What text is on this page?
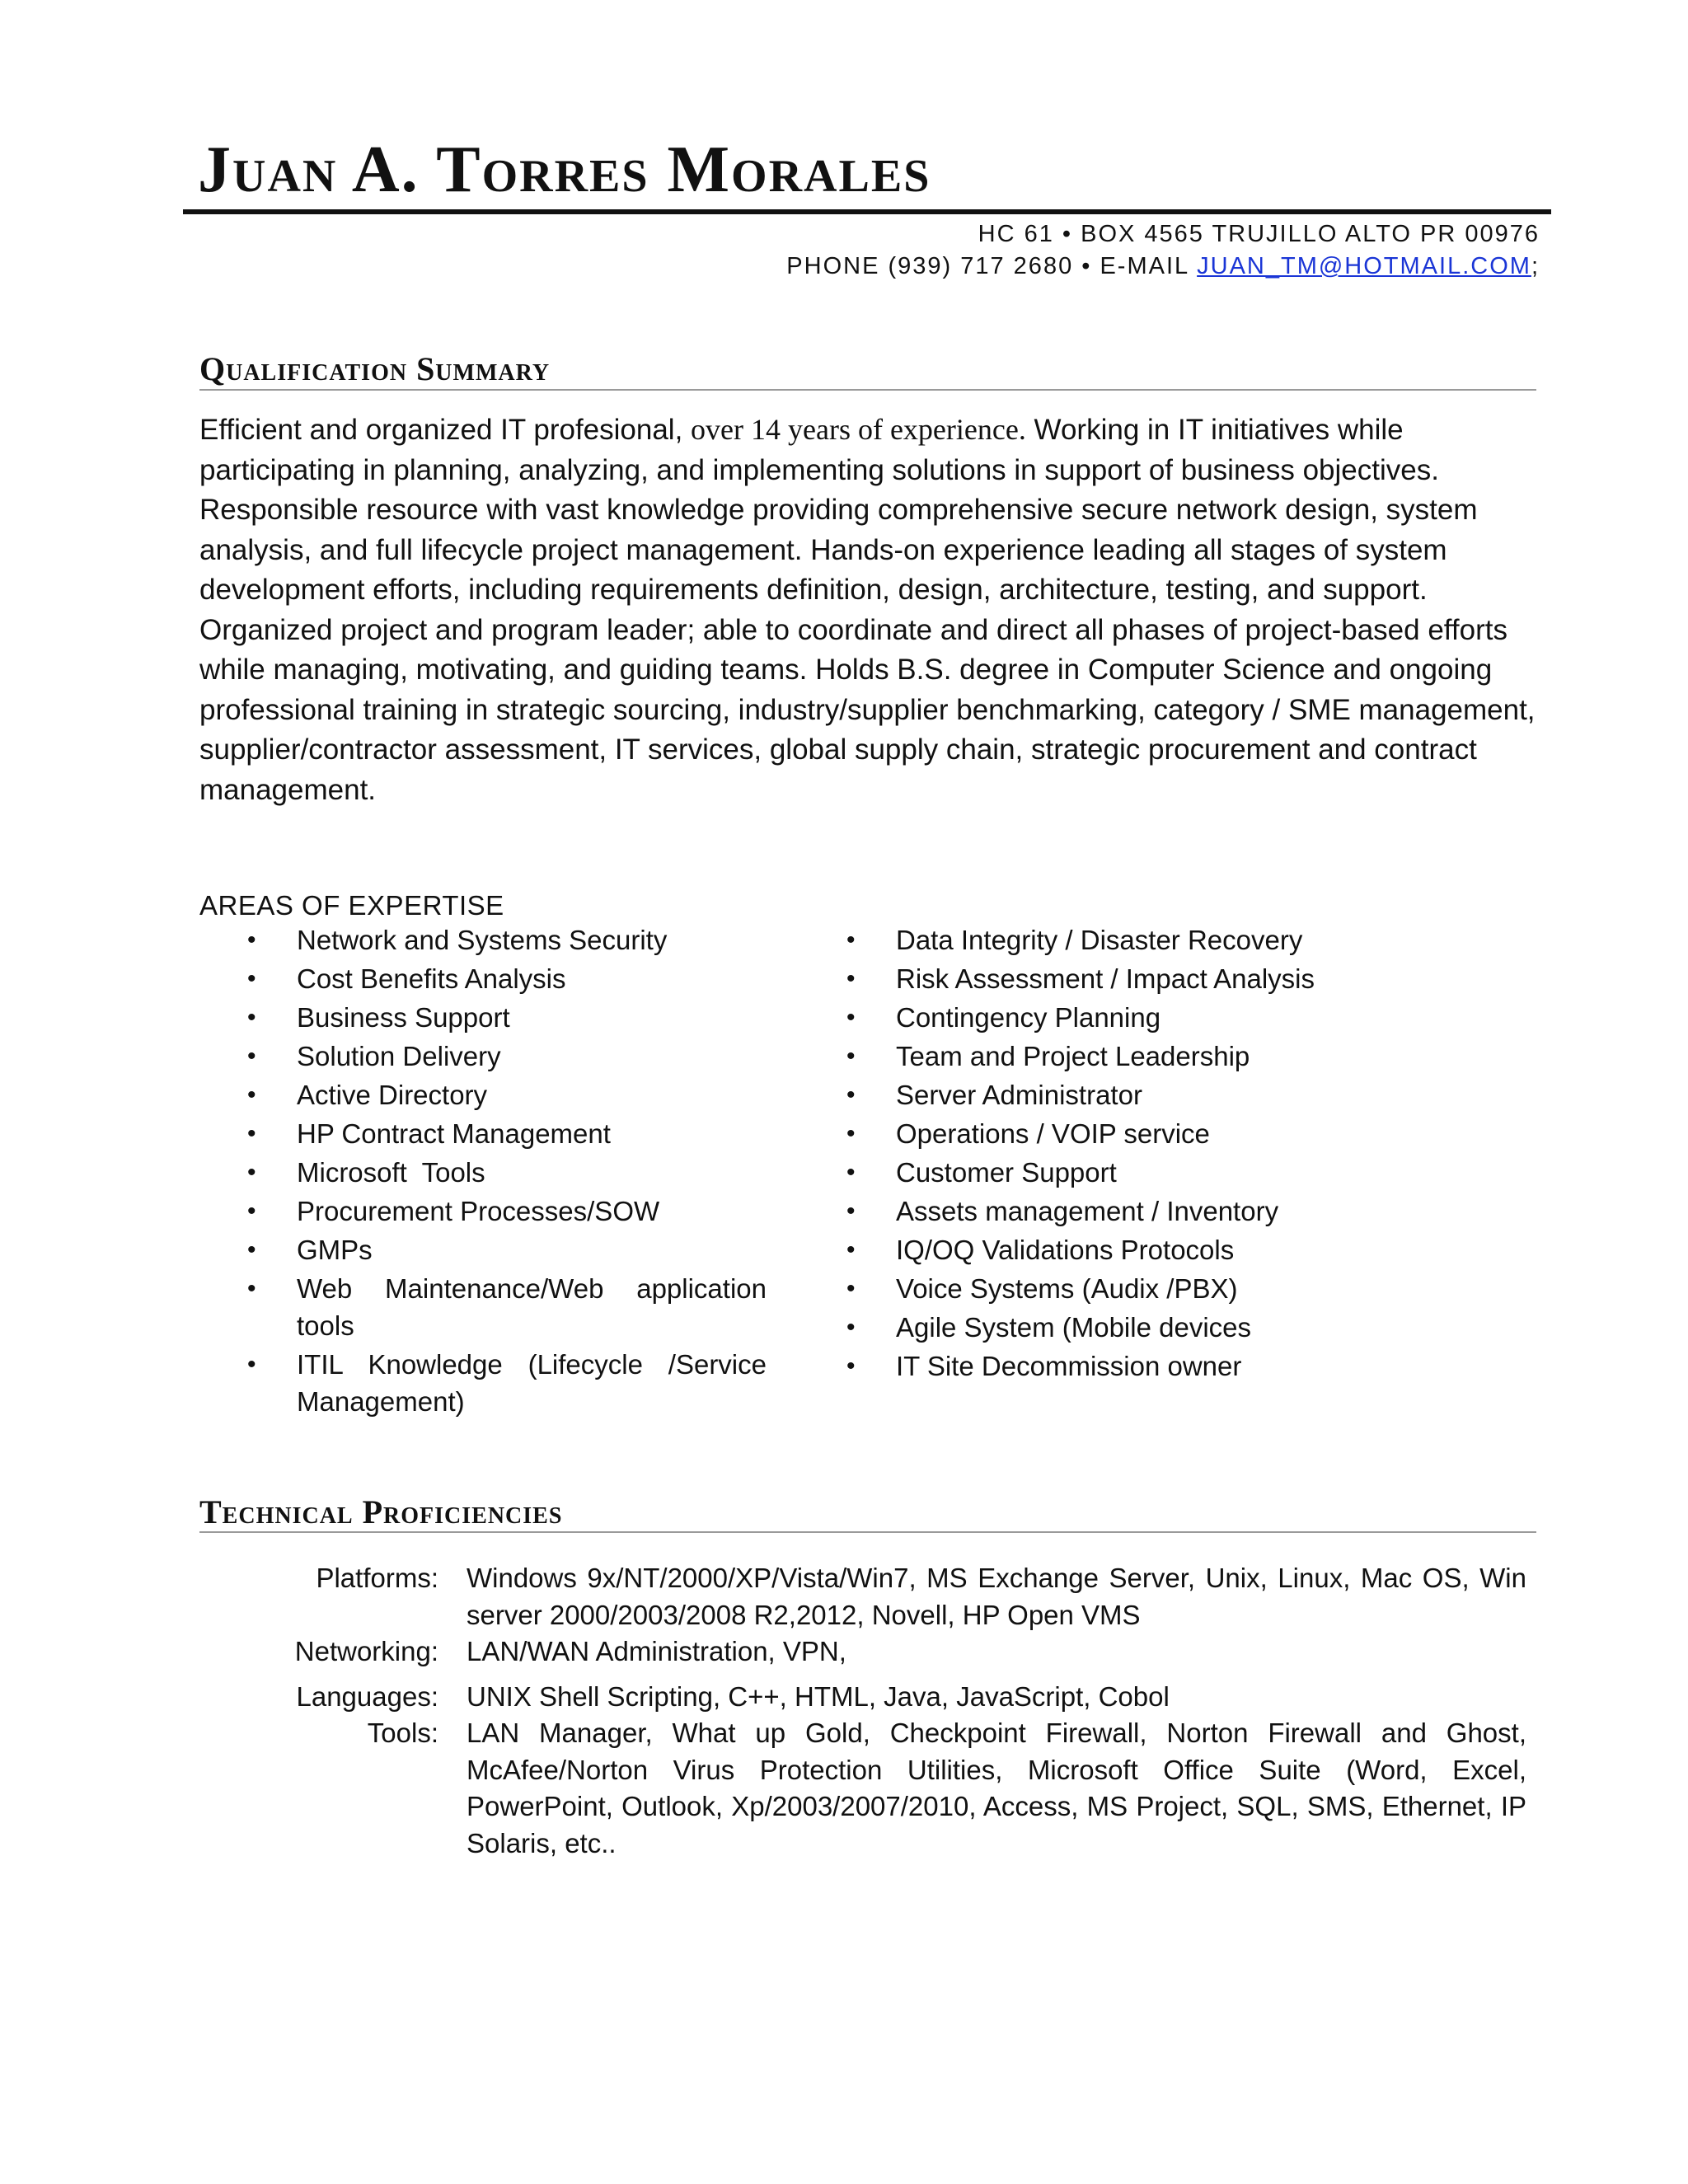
Juan A. Torres Morales
HC 61 • BOX 4565 TRUJILLO ALTO PR 00976
PHONE (939) 717 2680 • E-MAIL JUAN_TM@HOTMAIL.COM;
Qualification Summary
Efficient and organized IT profesional, over 14 years of experience. Working in IT initiatives while participating in planning, analyzing, and implementing solutions in support of business objectives. Responsible resource with vast knowledge providing comprehensive secure network design, system analysis, and full lifecycle project management. Hands-on experience leading all stages of system development efforts, including requirements definition, design, architecture, testing, and support. Organized project and program leader; able to coordinate and direct all phases of project-based efforts while managing, motivating, and guiding teams. Holds B.S. degree in Computer Science and ongoing professional training in strategic sourcing, industry/supplier benchmarking, category / SME management, supplier/contractor assessment, IT services, global supply chain, strategic procurement and contract management.
AREAS OF EXPERTISE
•	Network and Systems Security
•	Cost Benefits Analysis
•	Business Support
•	Solution Delivery
•	Active Directory
•	HP Contract Management
•	Microsoft  Tools
•	Procurement Processes/SOW
•	GMPs
•	Web Maintenance/Web application tools
•	ITIL Knowledge (Lifecycle /Service Management)
•	Data Integrity / Disaster Recovery
•	Risk Assessment / Impact Analysis
•	Contingency Planning
•	Team and Project Leadership
•	Server Administrator
•	Operations / VOIP service
•	Customer Support
•	Assets management / Inventory
•	IQ/OQ Validations Protocols
•	Voice Systems (Audix /PBX)
•	Agile System (Mobile devices
•	IT Site Decommission owner
Technical Proficiencies
Platforms:	Windows 9x/NT/2000/XP/Vista/Win7, MS Exchange Server, Unix, Linux, Mac OS, Win server 2000/2003/2008 R2,2012, Novell, HP Open VMS
Networking:	LAN/WAN Administration, VPN,
Languages:	UNIX Shell Scripting, C++, HTML, Java, JavaScript, Cobol
Tools:	LAN Manager, What up Gold, Checkpoint Firewall, Norton Firewall and Ghost, McAfee/Norton Virus Protection Utilities, Microsoft Office Suite (Word, Excel, PowerPoint, Outlook, Xp/2003/2007/2010, Access, MS Project, SQL, SMS, Ethernet, IP Solaris, etc..
